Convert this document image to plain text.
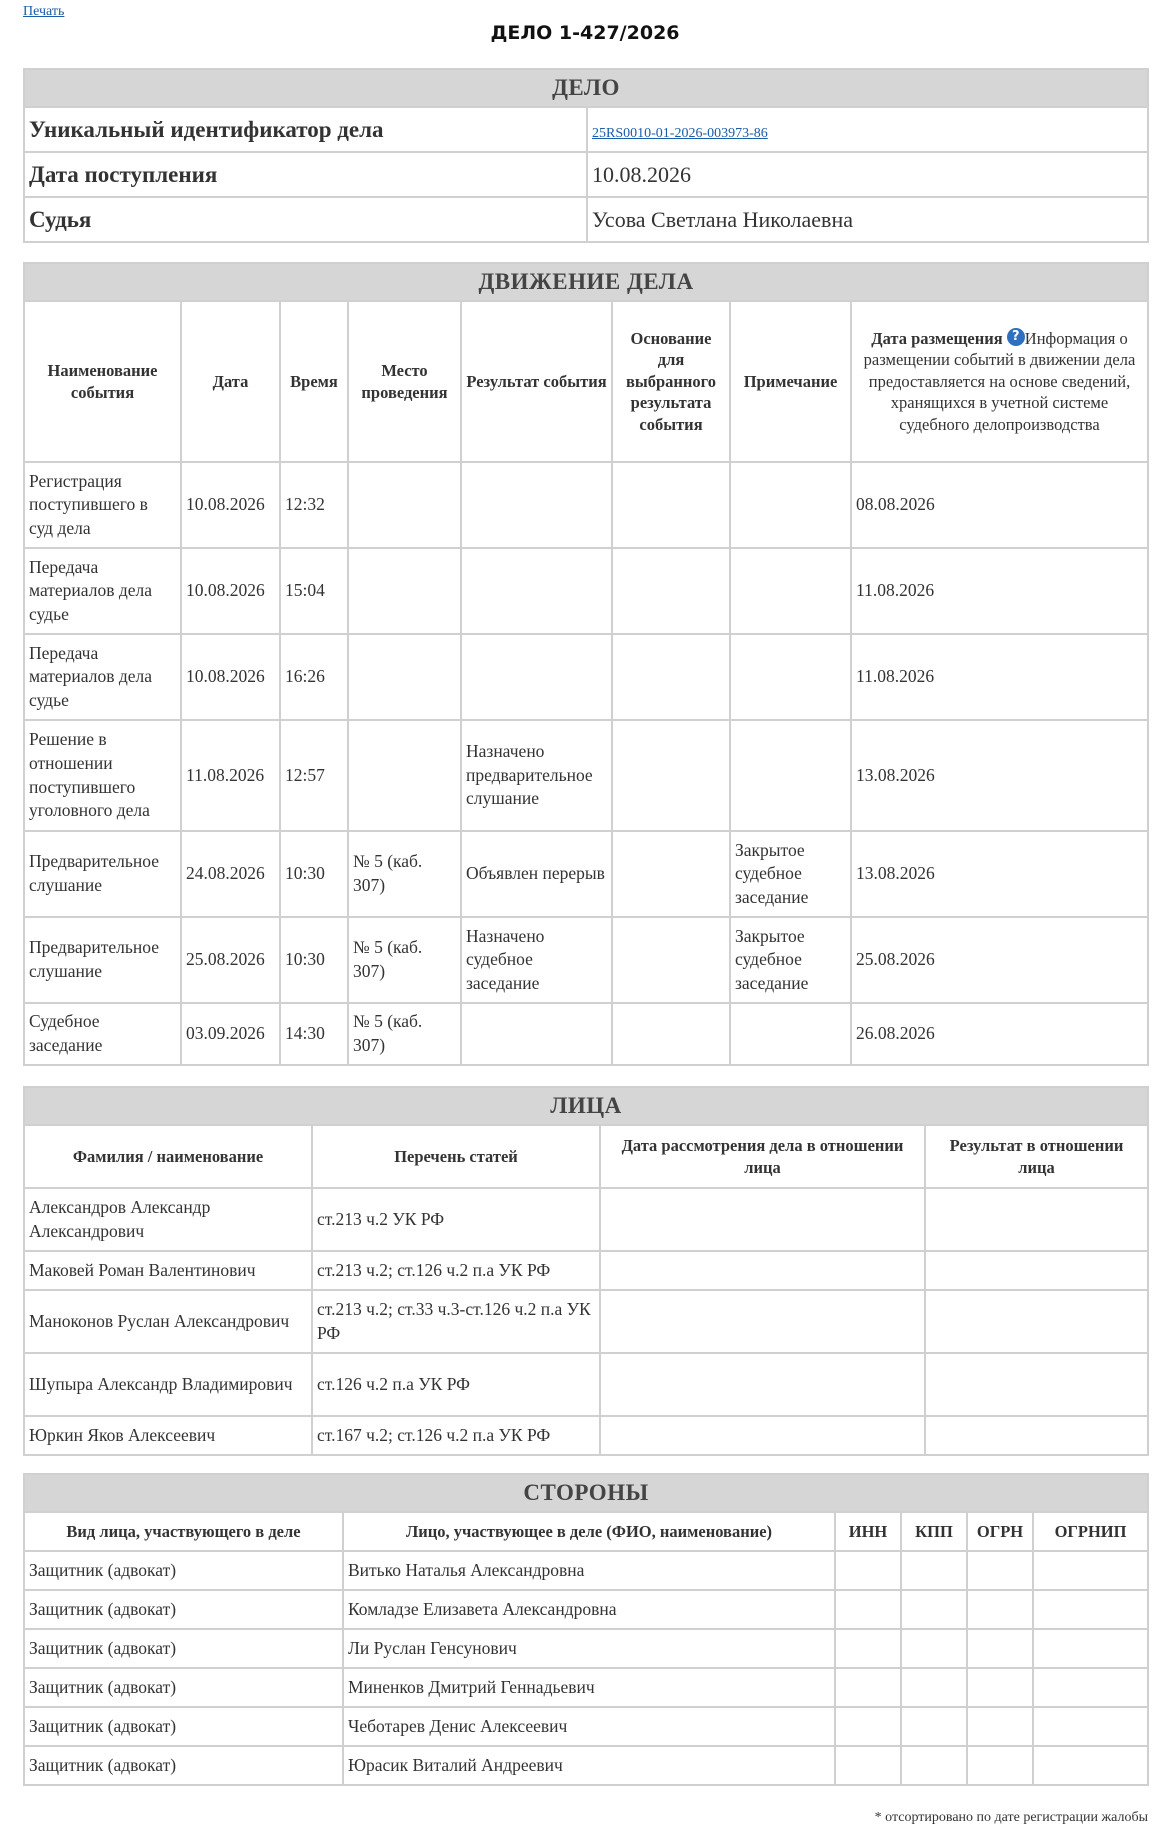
Печать
ДЕЛО 1-427/2026
ДЕЛО	
Уникальный идентификатор дела	25RS0010-01-2026-003973-86
Дата поступления	10.08.2026
Судья	Усова Светлана Николаевна
ДВИЖЕНИЕ ДЕЛА							
Наименование события	Дата	Время	Место проведения	Результат события	Основание для выбранного результата события	Примечание	Дата размещения ? Информация о размещении событий в движении дела предоставляется на основе сведений, хранящихся в учетной системе судебного делопроизводства
Регистрация поступившего в суд дела	10.08.2026	12:32					08.08.2026
Передача материалов дела судье	10.08.2026	15:04					11.08.2026
Передача материалов дела судье	10.08.2026	16:26					11.08.2026
Решение в отношении поступившего уголовного дела	11.08.2026	12:57		Назначено предварительное слушание			13.08.2026
Предварительное слушание	24.08.2026	10:30	№ 5 (каб. 307)	Объявлен перерыв		Закрытое судебное заседание	13.08.2026
Предварительное слушание	25.08.2026	10:30	№ 5 (каб. 307)	Назначено судебное заседание		Закрытое судебное заседание	25.08.2026
Судебное заседание	03.09.2026	14:30	№ 5 (каб. 307)				26.08.2026
ЛИЦА			
Фамилия / наименование	Перечень статей	Дата рассмотрения дела в отношении лица	Результат в отношении лица
Александров Александр Александрович	ст.213 ч.2 УК РФ		
Маковей Роман Валентинович	ст.213 ч.2; ст.126 ч.2 п.а УК РФ		
Маноконов Руслан Александрович	ст.213 ч.2; ст.33 ч.3-ст.126 ч.2 п.а УК РФ		
Шупыра Александр Владимирович	ст.126 ч.2 п.а УК РФ		
Юркин Яков Алексеевич	ст.167 ч.2; ст.126 ч.2 п.а УК РФ		
СТОРОНЫ					
Вид лица, участвующего в деле	Лицо, участвующее в деле (ФИО, наименование)	ИНН	КПП	ОГРН	ОГРНИП
Защитник (адвокат)	Витько Наталья Александровна				
Защитник (адвокат)	Комладзе Елизавета Александровна				
Защитник (адвокат)	Ли Руслан Генсунович				
Защитник (адвокат)	Миненков Дмитрий Геннадьевич				
Защитник (адвокат)	Чеботарев Денис Алексеевич				
Защитник (адвокат)	Юрасик Виталий Андреевич				
* отсортировано по дате регистрации жалобы
